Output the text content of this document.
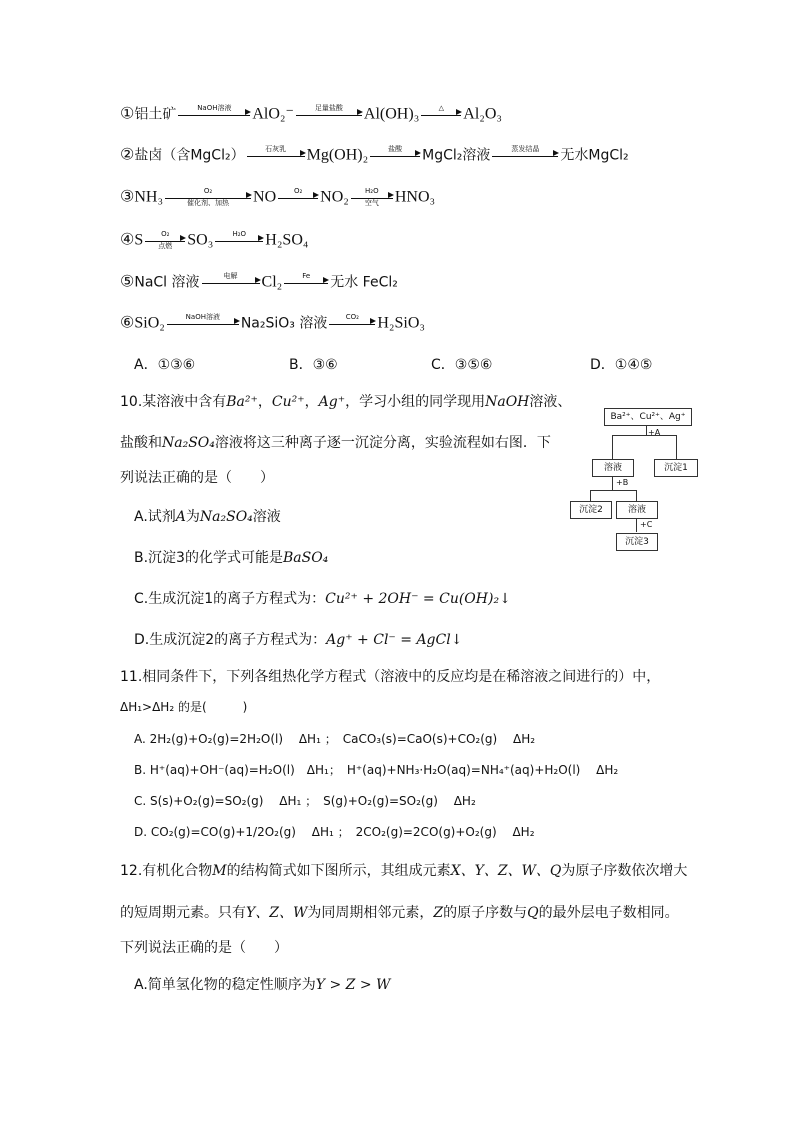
①铝土矿	NaOH溶液	AlO₂⁻	足量盐酸	Al(OH)₃	△	Al₂O₃
②盐卤（含MgCl₂）	石灰乳	Mg(OH)₂	盐酸	MgCl₂溶液	蒸发结晶	无水MgCl₂
③NH₃	O₂
催化剂、加热	NO	O₂	NO₂	H₂O
空气	HNO₃
④S	O₂
点燃 SO₃	H₂O	H₂SO₄
⑤NaCl 溶液	电解	Cl₂	Fe	无水 FeCl₂
⑥SiO₂	NaOH溶液	Na₂SiO₃ 溶液	CO₂	H₂SiO₃
A．①③⑥	B．③⑥	C．③⑤⑥	D．①④⑤
10.某溶液中含有Ba²⁺，Cu²⁺，Ag⁺，学习小组的同学现用NaOH溶液、
盐酸和Na₂SO₄溶液将这三种离子逐一沉淀分离，实验流程如右图．下
列说法正确的是（　　）
A.试剂A为Na₂SO₄溶液
B.沉淀3的化学式可能是BaSO₄
C.生成沉淀1的离子方程式为：Cu²⁺ + 2OH⁻ = Cu(OH)₂↓
D.生成沉淀2的离子方程式为：Ag⁺ + Cl⁻ = AgCl↓
Ba²⁺、Cu²⁺、Ag⁺
+A
溶液	沉淀1
+B
沉淀2	溶液
+C
沉淀3
11.相同条件下，下列各组热化学方程式（溶液中的反应均是在稀溶液之间进行的）中，
ΔH₁>ΔH₂ 的是(　　　)
A. 2H₂(g)+O₂(g)=2H₂O(l)　 ΔH₁ ；　CaCO₃(s)=CaO(s)+CO₂(g)　 ΔH₂
B. H⁺(aq)+OH⁻(aq)=H₂O(l)　ΔH₁；　H⁺(aq)+NH₃·H₂O(aq)=NH₄⁺(aq)+H₂O(l)　 ΔH₂
C. S(s)+O₂(g)=SO₂(g)　 ΔH₁ ；　S(g)+O₂(g)=SO₂(g)　 ΔH₂
D. CO₂(g)=CO(g)+1/2O₂(g)　 ΔH₁ ；　2CO₂(g)=2CO(g)+O₂(g)　 ΔH₂
12.有机化合物M的结构简式如下图所示，其组成元素X、Y、Z、W、Q为原子序数依次增大
的短周期元素。只有Y、Z、W为同周期相邻元素，Z的原子序数与Q的最外层电子数相同。
下列说法正确的是（　　）
A.简单氢化物的稳定性顺序为Y > Z > W
